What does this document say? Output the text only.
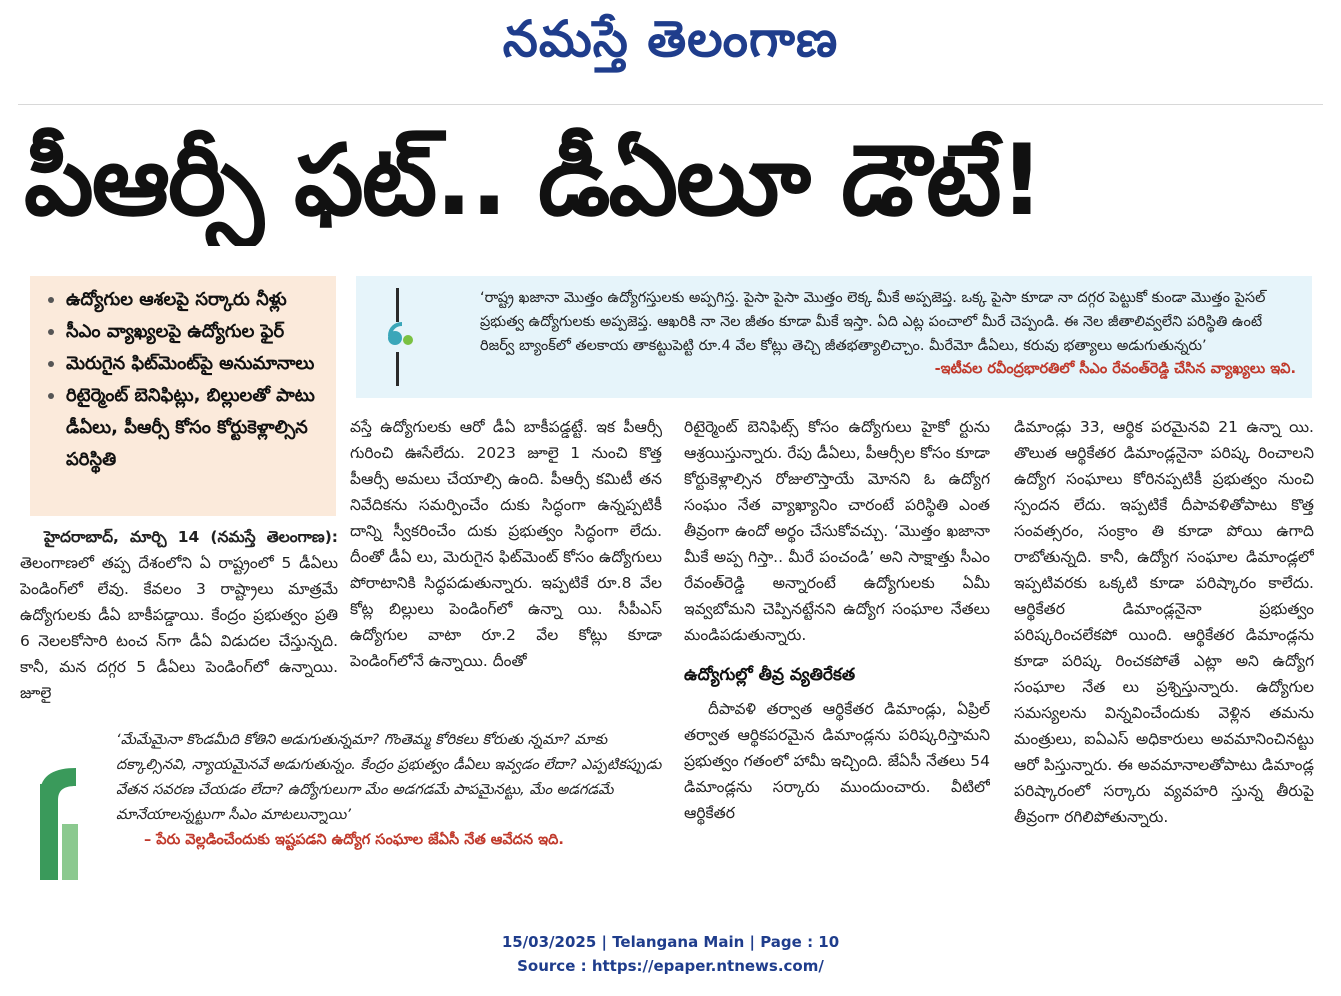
నమస్తే తెలంగాణ
పీఆర్సీ ఫట్.. డీఏలూ డౌటే!
ఉద్యోగుల ఆశలపై సర్కారు నీళ్లు
సీఎం వ్యాఖ్యలపై ఉద్యోగుల ఫైర్
మెరుగైన ఫిట్‌మెంట్‌పై అనుమానాలు
రిటైర్మెంట్ బెనిఫిట్లు, బిల్లులతో పాటు డీఏలు, పీఆర్సీ కోసం కోర్టుకెళ్లాల్సిన పరిస్థితి
‘రాష్ట్ర ఖజానా మొత్తం ఉద్యోగస్తులకు అప్పగిస్త. పైసా పైసా మొత్తం లెక్క మీకే అప్పజెప్త. ఒక్క పైసా కూడా నా దగ్గర పెట్టుకో కుండా మొత్తం పైసల్ ప్రభుత్వ ఉద్యోగులకు అప్పజెప్త. ఆఖరికి నా నెల జీతం కూడా మీకే ఇస్తా. ఏది ఎట్ల పంచాలో మీరే చెప్పండి. ఈ నెల జీతాలివ్వలేని పరిస్థితి ఉంటే రిజర్వ్ బ్యాంక్‌లో తలకాయ తాకట్టుపెట్టి రూ.4 వేల కోట్లు తెచ్చి జీతభత్యాలిచ్చాం. మీరేమో డీఏలు, కరువు భత్యాలు అడుగుతున్నరు’
-ఇటీవల రవీంద్రభారతిలో సీఎం రేవంత్‌రెడ్డి చేసిన వ్యాఖ్యలు ఇవి.

హైదరాబాద్, మార్చి 14 (నమస్తే తెలంగాణ): తెలంగాణలో తప్ప దేశంలోని ఏ రాష్ట్రంలో 5 డీఏలు పెండింగ్‌లో లేవు. కేవలం 3 రాష్ట్రాలు మాత్రమే ఉద్యోగులకు డీఏ బాకీపడ్డాయి. కేంద్రం ప్రభుత్వం ప్రతి 6 నెలలకోసారి టంచ న్‌గా డీఏ విడుదల చేస్తున్నది. కానీ, మన దగ్గర 5 డీఏలు పెండింగ్‌లో ఉన్నాయి. జూలై

వస్తే ఉద్యోగులకు ఆరో డీఏ బాకీపడ్డట్టే. ఇక పీఆర్సీ గురించి ఊసేలేదు. 2023 జూలై 1 నుంచి కొత్త పీఆర్సీ అమలు చేయాల్సి ఉంది. పీఆర్సీ కమిటీ తన నివేదికను సమర్పించేం దుకు సిద్ధంగా ఉన్నప్పటికీ దాన్ని స్వీకరించేం దుకు ప్రభుత్వం సిద్ధంగా లేదు. దీంతో డీఏ లు, మెరుగైన ఫిట్‌మెంట్ కోసం ఉద్యోగులు పోరాటానికి సిద్ధపడుతున్నారు. ఇప్పటికే రూ.8 వేల కోట్ల బిల్లులు పెండింగ్‌లో ఉన్నా యి. సీపీఎస్ ఉద్యోగుల వాటా రూ.2 వేల కోట్లు కూడా పెండింగ్‌లోనే ఉన్నాయి. దీంతో

రిటైర్మెంట్ బెనిఫిట్స్ కోసం ఉద్యోగులు హైకో ర్టును ఆశ్రయిస్తున్నారు. రేపు డీఏలు, పీఆర్సీల కోసం కూడా కోర్టుకెళ్లాల్సిన రోజులొస్తాయే మోనని ఓ ఉద్యోగ సంఘం నేత వ్యాఖ్యానిం చారంటే పరిస్థితి ఎంత తీవ్రంగా ఉందో అర్థం చేసుకోవచ్చు. ‘మొత్తం ఖజానా మీకే అప్ప గిస్తా.. మీరే పంచండి’ అని సాక్షాత్తు సీఎం రేవంత్‌రెడ్డి అన్నారంటే ఉద్యోగులకు ఏమీ ఇవ్వబోమని చెప్పినట్టేనని ఉద్యోగ సంఘాల నేతలు మండిపడుతున్నారు.

ఉద్యోగుల్లో తీవ్ర వ్యతిరేకత

దీపావళి తర్వాత ఆర్థికేతర డిమాండ్లు, ఏప్రిల్ తర్వాత ఆర్థికపరమైన డిమాండ్లను పరిష్కరిస్తామని ప్రభుత్వం గతంలో హామీ ఇచ్చింది. జేఏసీ నేతలు 54 డిమాండ్లను సర్కారు ముందుంచారు. వీటిలో ఆర్థికేతర

డిమాండ్లు 33, ఆర్థిక పరమైనవి 21 ఉన్నా యి. తొలుత ఆర్థికేతర డిమాండ్లనైనా పరిష్క రించాలని ఉద్యోగ సంఘాలు కోరినప్పటికీ ప్రభుత్వం నుంచి స్పందన లేదు. ఇప్పటికే దీపావళితోపాటు కొత్త సంవత్సరం, సంక్రాం తి కూడా పోయి ఉగాది రాబోతున్నది. కానీ, ఉద్యోగ సంఘాల డిమాండ్లలో ఇప్పటివరకు ఒక్కటి కూడా పరిష్కారం కాలేదు. ఆర్థికేతర డిమాండ్లనైనా ప్రభుత్వం పరిష్కరించలేకపో యింది. ఆర్థికేతర డిమాండ్లను కూడా పరిష్క రించకపోతే ఎట్లా అని ఉద్యోగ సంఘాల నేత లు ప్రశ్నిస్తున్నారు. ఉద్యోగుల సమస్యలను విన్నవించేందుకు వెళ్లిన తమను మంత్రులు, ఐఏఎస్ అధికారులు అవమానించినట్టు ఆరో పిస్తున్నారు. ఈ అవమానాలతోపాటు డిమాండ్ల పరిష్కారంలో సర్కారు వ్యవహరి స్తున్న తీరుపై తీవ్రంగా రగిలిపోతున్నారు.

‘మేమేమైనా కొండమీది కోతిని అడుగుతున్నమా? గొంతెమ్మ కోరికలు కోరుతు న్నమా? మాకు దక్కాల్సినవి, న్యాయమైనవే అడుగుతున్నం. కేంద్రం ప్రభుత్వం డీఏలు ఇవ్వడం లేదా? ఎప్పటికప్పుడు వేతన సవరణ చేయడం లేదా? ఉద్యోగులుగా మేం అడగడమే పాపమైనట్టు, మేం అడగడమే మానేయాలన్నట్టుగా సీఎం మాటలున్నాయి’
– పేరు వెల్లడించేందుకు ఇష్టపడని ఉద్యోగ సంఘాల జేఏసీ నేత ఆవేదన ఇది.
15/03/2025 | Telangana Main | Page : 10
Source : https://epaper.ntnews.com/
